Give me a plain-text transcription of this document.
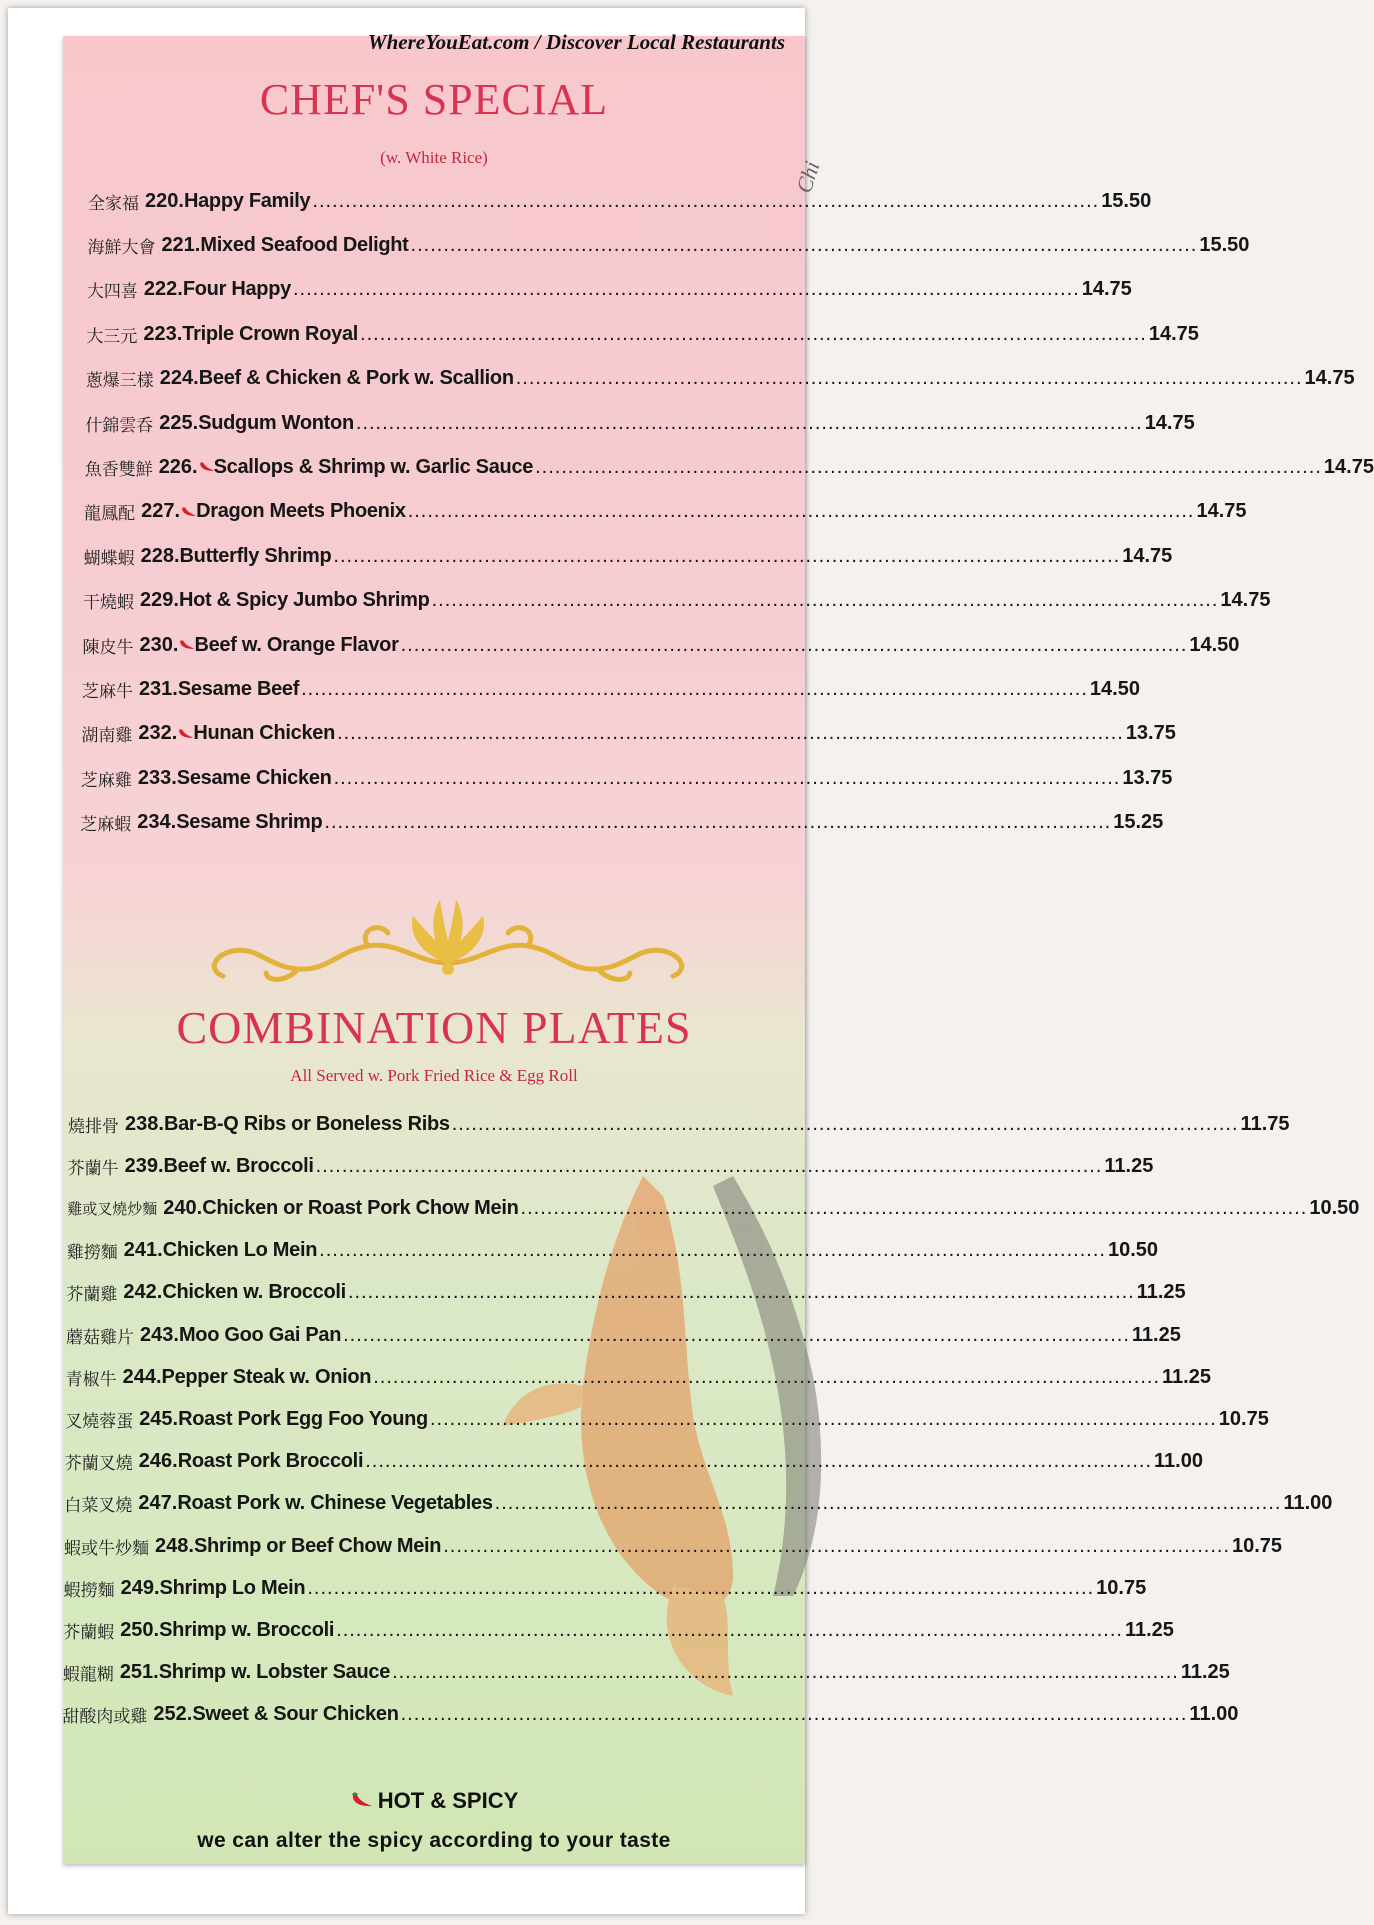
CHEF'S SPECIAL
(w. White Rice)
全 家 福 220. Happy Family ........................................................................................................................ 15.50
海 鮮 大 會 221. Mixed Seafood Delight ........................................................................................................................ 15.50
大 四 喜 222. Four Happy ........................................................................................................................ 14.75
大 三 元 223. Triple Crown Royal ........................................................................................................................ 14.75
蔥 爆 三 樣 224. Beef & Chicken & Pork w. Scallion ........................................................................................................................ 14.75
什 錦 雲 呑 225. Sudgum Wonton ........................................................................................................................ 14.75
魚 香 雙 鮮 226. Scallops & Shrimp w. Garlic Sauce ........................................................................................................................ 14.75
龍 鳳 配 227. Dragon Meets Phoenix ........................................................................................................................ 14.75
蝴 蝶 蝦 228. Butterfly Shrimp ........................................................................................................................ 14.75
干 燒 蝦 229. Hot & Spicy Jumbo Shrimp ........................................................................................................................ 14.75
陳 皮 牛 230. Beef w. Orange Flavor ........................................................................................................................ 14.50
芝 麻 牛 231. Sesame Beef ........................................................................................................................ 14.50
湖 南 雞 232. Hunan Chicken ........................................................................................................................ 13.75
芝 麻 雞 233. Sesame Chicken ........................................................................................................................ 13.75
芝 麻 蝦 234. Sesame Shrimp ........................................................................................................................ 15.25
COMBINATION PLATES
All Served w. Pork Fried Rice & Egg Roll
燒 排 骨 238. Bar-B-Q Ribs or Boneless Ribs ........................................................................................................................ 11.75
芥 蘭 牛 239. Beef w. Broccoli ........................................................................................................................ 11.25
雞 或 叉 燒 炒 麵 240. Chicken or Roast Pork Chow Mein ........................................................................................................................ 10.50
雞 撈 麵 241. Chicken Lo Mein ........................................................................................................................ 10.50
芥 蘭 雞 242. Chicken w. Broccoli ........................................................................................................................ 11.25
蘑 菇 雞 片 243. Moo Goo Gai Pan ........................................................................................................................ 11.25
青 椒 牛 244. Pepper Steak w. Onion ........................................................................................................................ 11.25
叉 燒 蓉 蛋 245. Roast Pork Egg Foo Young ........................................................................................................................ 10.75
芥 蘭 叉 燒 246. Roast Pork Broccoli ........................................................................................................................ 11.00
白 菜 叉 燒 247. Roast Pork w. Chinese Vegetables ........................................................................................................................ 11.00
蝦 或 牛 炒 麵 248. Shrimp or Beef Chow Mein ........................................................................................................................ 10.75
蝦 撈 麵 249. Shrimp Lo Mein ........................................................................................................................ 10.75
芥 蘭 蝦 250. Shrimp w. Broccoli ........................................................................................................................ 11.25
蝦 龍 糊 251. Shrimp w. Lobster Sauce ........................................................................................................................ 11.25
甜 酸 肉 或 雞 252. Sweet & Sour Chicken ........................................................................................................................ 11.00
HOT & SPICY
we can alter the spicy according to your taste
WhereYouEat.com / Discover Local Restaurants
Chi
